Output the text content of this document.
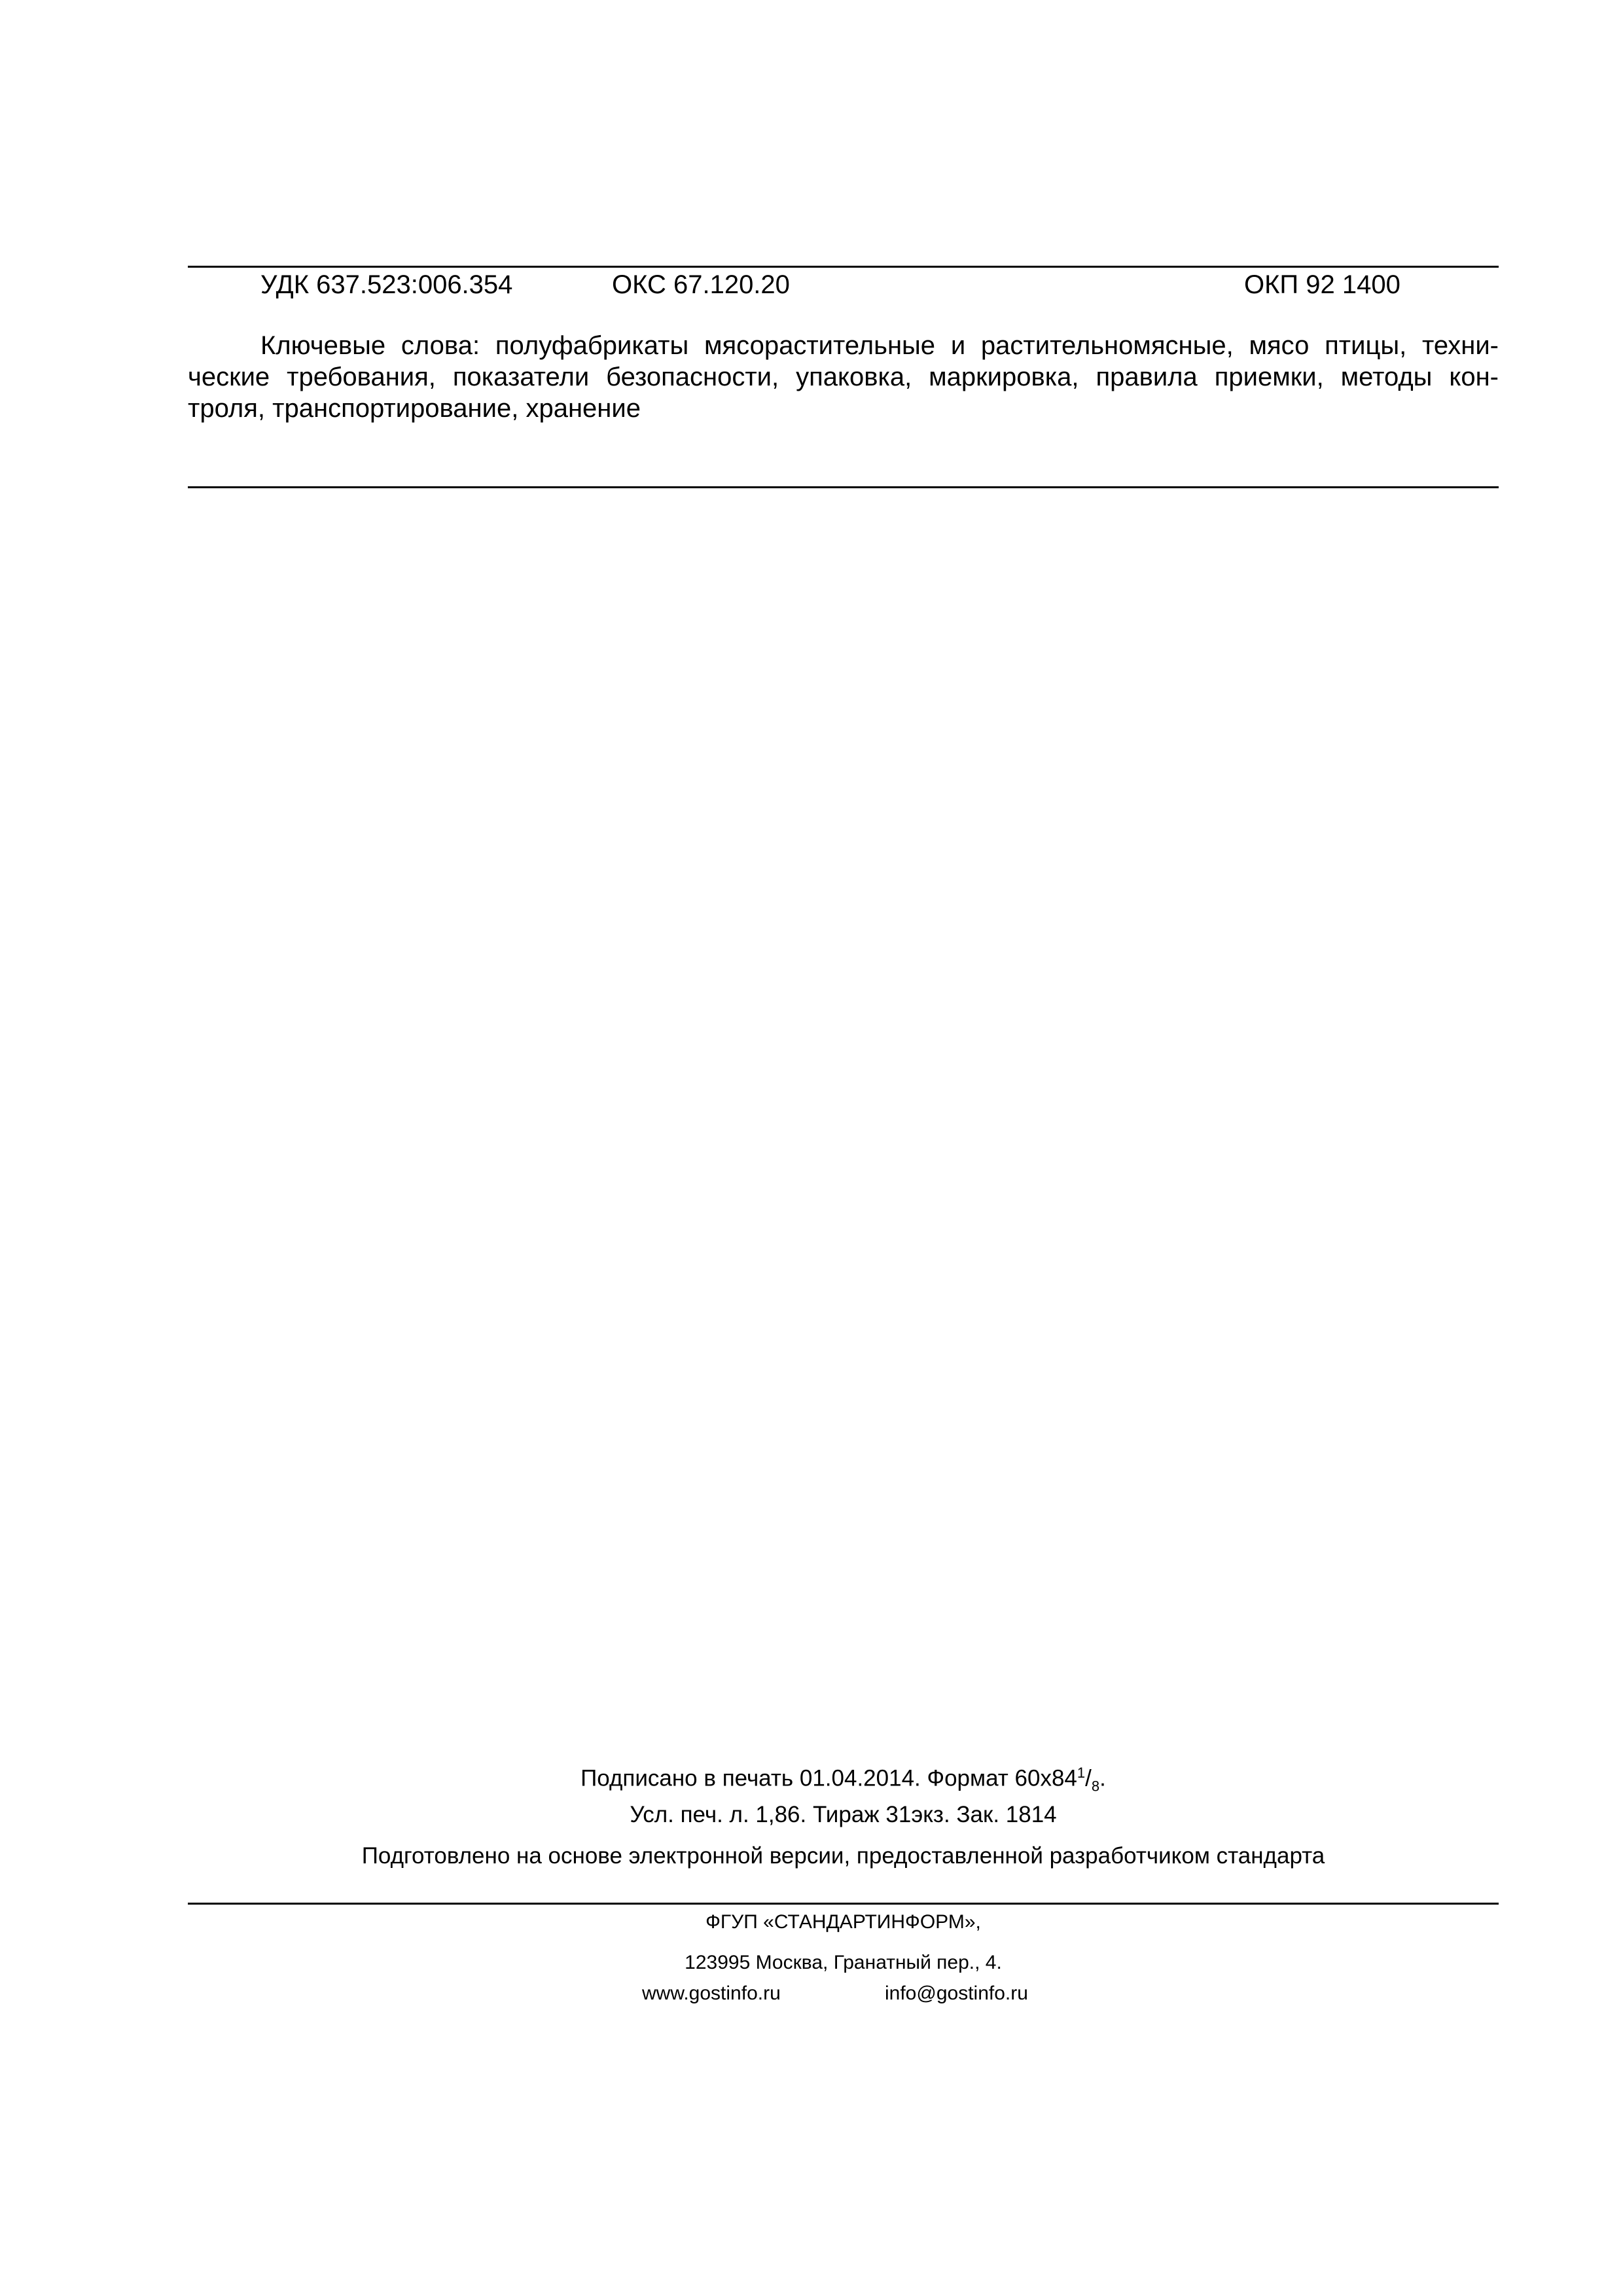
УДК 637.523:006.354	ОКС 67.120.20	ОКП 92 1400

Ключевые слова: полуфабрикаты мясорастительные и растительномясные, мясо птицы, техни-
ческие требования, показатели безопасности, упаковка, маркировка, правила приемки, методы кон-
троля, транспортирование, хранение

Подписано в печать 01.04.2014. Формат $60х84^1/_8$.
Усл. печ. л. 1,86. Тираж 31экз. Зак. 1814
Подготовлено на основе электронной версии, предоставленной разработчиком стандарта
ФГУП «СТАНДАРТИНФОРМ»,
123995 Москва, Гранатный пер., 4.
www.gostinfo.ru	info@gostinfo.ru
